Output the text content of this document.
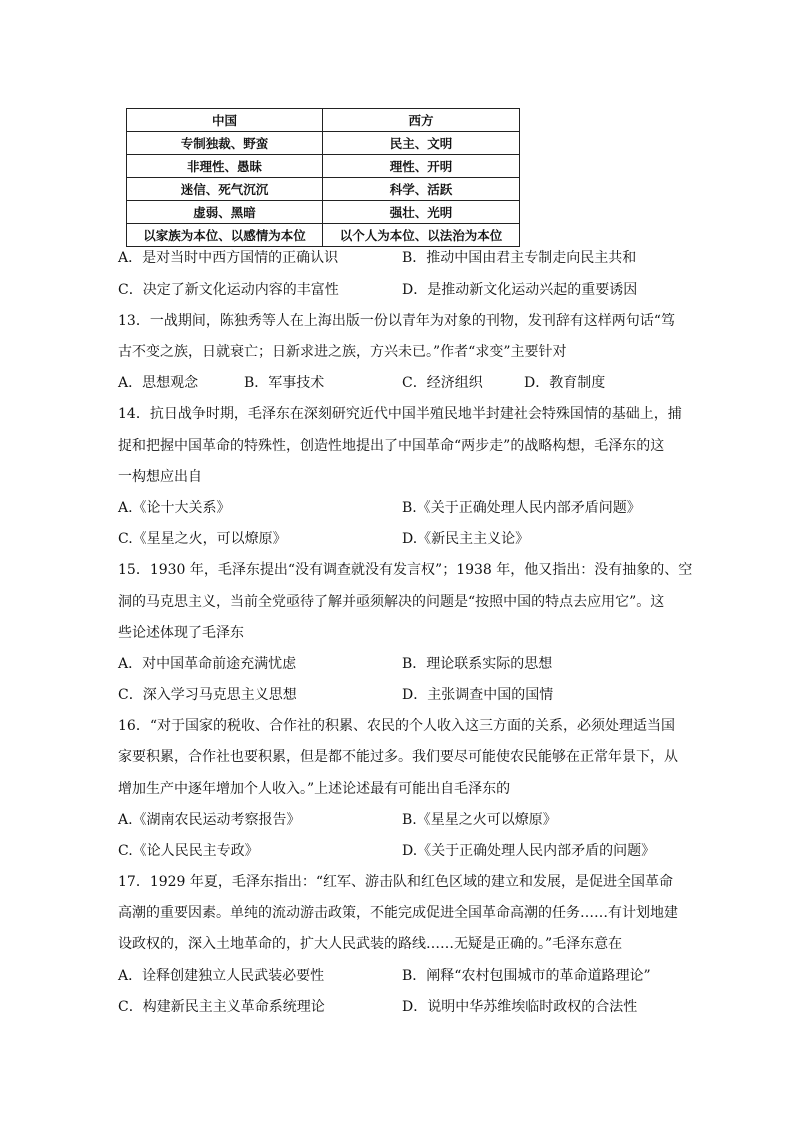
中国	西方
专制独裁、野蛮	民主、文明
非理性、愚昧	理性、开明
迷信、死气沉沉	科学、活跃
虚弱、黑暗	强壮、光明
以家族为本位、以感情为本位	以个人为本位、以法治为本位
A．是对当时中西方国情的正确认识	B．推动中国由君主专制走向民主共和
C．决定了新文化运动内容的丰富性	D．是推动新文化运动兴起的重要诱因
13．一战期间，陈独秀等人在上海出版一份以青年为对象的刊物，发刊辞有这样两句话“笃
古不变之族，日就衰亡；日新求进之族，方兴未已。”作者“求变”主要针对
A．思想观念	B．军事技术	C．经济组织	D．教育制度
14．抗日战争时期，毛泽东在深刻研究近代中国半殖民地半封建社会特殊国情的基础上，捕
捉和把握中国革命的特殊性，创造性地提出了中国革命“两步走”的战略构想，毛泽东的这
一构想应出自
A.《论十大关系》	B.《关于正确处理人民内部矛盾问题》
C.《星星之火，可以燎原》	D.《新民主主义论》
15．1930 年，毛泽东提出“没有调查就没有发言权”；1938 年，他又指出：没有抽象的、空
洞的马克思主义，当前全党亟待了解并亟须解决的问题是“按照中国的特点去应用它”。这
些论述体现了毛泽东
A．对中国革命前途充满忧虑	B．理论联系实际的思想
C．深入学习马克思主义思想	D．主张调查中国的国情
16．“对于国家的税收、合作社的积累、农民的个人收入这三方面的关系，必须处理适当国
家要积累，合作社也要积累，但是都不能过多。我们要尽可能使农民能够在正常年景下，从
增加生产中逐年增加个人收入。”上述论述最有可能出自毛泽东的
A.《湖南农民运动考察报告》	B.《星星之火可以燎原》
C.《论人民民主专政》	D.《关于正确处理人民内部矛盾的问题》
17．1929 年夏，毛泽东指出：“红军、游击队和红色区域的建立和发展，是促进全国革命
高潮的重要因素。单纯的流动游击政策，不能完成促进全国革命高潮的任务……有计划地建
设政权的，深入土地革命的，扩大人民武装的路线……无疑是正确的。”毛泽东意在
A．诠释创建独立人民武装必要性	B．阐释“农村包围城市的革命道路理论”
C．构建新民主主义革命系统理论	D．说明中华苏维埃临时政权的合法性
